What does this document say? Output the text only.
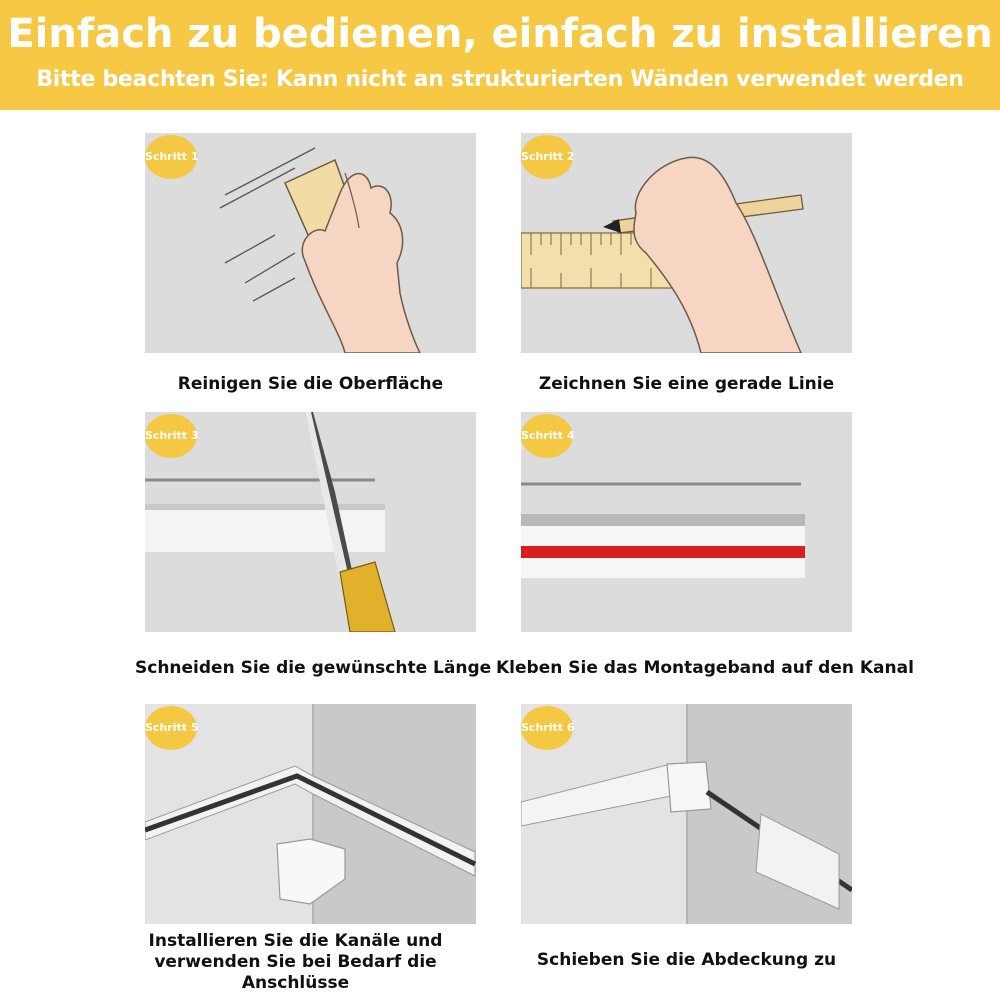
Einfach zu bedienen, einfach zu installieren
Bitte beachten Sie: Kann nicht an strukturierten Wänden verwendet werden
Schritt 1
Reinigen Sie die Oberfläche
Schritt 2
Zeichnen Sie eine gerade Linie
Schritt 3
Schneiden Sie die gewünschte Länge
Schritt 4
Kleben Sie das Montageband auf den Kanal
Schritt 5
Installieren Sie die Kanäle und
verwenden Sie bei Bedarf die
Anschlüsse
Schritt 6
Schieben Sie die Abdeckung zu
